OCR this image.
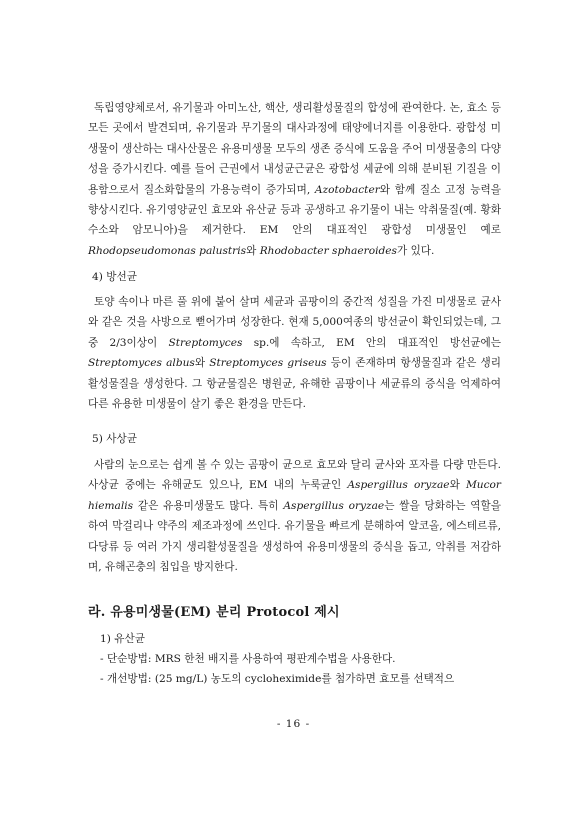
독립영양체로서, 유기물과 아미노산, 핵산, 생리활성물질의 합성에 관여한다. 논, 효소 등 모든 곳에서 발견되며, 유기물과 무기물의 대사과정에 태양에너지를 이용한다. 광합성 미생물이 생산하는 대사산물은 유용미생물 모두의 생존 증식에 도움을 주어 미생물총의 다양성을 증가시킨다. 예를 들어 근권에서 내성균근균은 광합성 세균에 의해 분비된 기질을 이용함으로서 질소화합물의 가용능력이 증가되며, Azotobacter와 함께 질소 고정 능력을 향상시킨다. 유기영양균인 효모와 유산균 등과 공생하고 유기물이 내는 악취물질(예. 황화수소와 암모니아)을 제거한다. EM 안의 대표적인 광합성 미생물인 예로 Rhodopseudomonas palustris와 Rhodobacter sphaeroides가 있다.

4) 방선균

토양 속이나 마른 풀 위에 붙어 살며 세균과 곰팡이의 중간적 성질을 가진 미생물로 균사와 같은 것을 사방으로 뻗어가며 성장한다. 현재 5,000여종의 방선균이 확인되었는데, 그중 2/3이상이 Streptomyces sp.에 속하고, EM 안의 대표적인 방선균에는 Streptomyces albus와 Streptomyces griseus 등이 존재하며 항생물질과 같은 생리활성물질을 생성한다. 그 항균물질은 병원균, 유해한 곰팡이나 세균류의 증식을 억제하여 다른 유용한 미생물이 살기 좋은 환경을 만든다.

5) 사상균

사람의 눈으로는 쉽게 볼 수 있는 곰팡이 균으로 효모와 달리 균사와 포자를 다량 만든다. 사상균 중에는 유해균도 있으나, EM 내의 누룩균인 Aspergillus oryzae와 Mucor hiemalis 같은 유용미생물도 많다. 특히 Aspergillus oryzae는 쌀을 당화하는 역할을 하여 막걸리나 약주의 제조과정에 쓰인다. 유기물을 빠르게 분해하여 알코올, 에스테르류, 다당류 등 여러 가지 생리활성물질을 생성하여 유용미생물의 증식을 돕고, 악취를 저감하며, 유해곤충의 침입을 방지한다.

라. 유용미생물(EM) 분리 Protocol 제시
1) 유산균
- 단순방법: MRS 한천 배지를 사용하여 평판계수법을 사용한다.
- 개선방법: (25 mg/L) 농도의 cycloheximide를 첨가하면 효모를 선택적으
- 16 -
